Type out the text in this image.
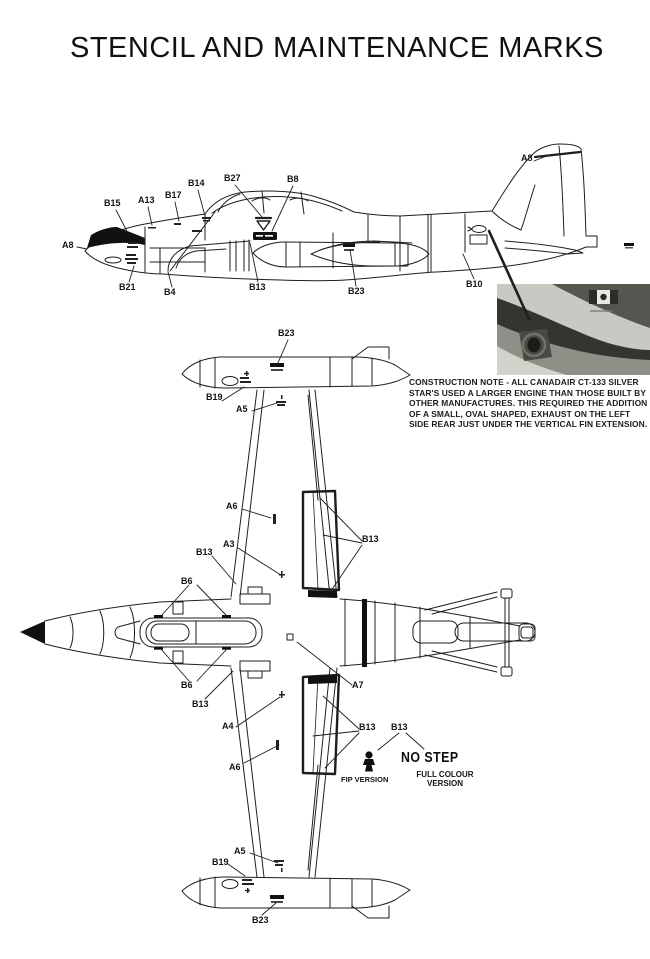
STENCIL AND MAINTENANCE MARKS
CONSTRUCTION NOTE - ALL CANADAIR CT-133 SILVER STAR'S USED A LARGER ENGINE THAN THOSE BUILT BY OTHER MANUFACTURES. THIS REQUIRED THE ADDITION OF A SMALL, OVAL SHAPED, EXHAUST ON THE LEFT SIDE REAR JUST UNDER THE VERTICAL FIN EXTENSION.
B15 A13 B17
B14 B27	B8
A8
B21	B4	B13	B23
B10
A8
B23
B19
A5
A6
A3
B13
B13
B6
B6
B13
A4
A6
A7
B13 B13
A5
B19
B23
NO STEP
FIP VERSION
FULL COLOUR
VERSION
